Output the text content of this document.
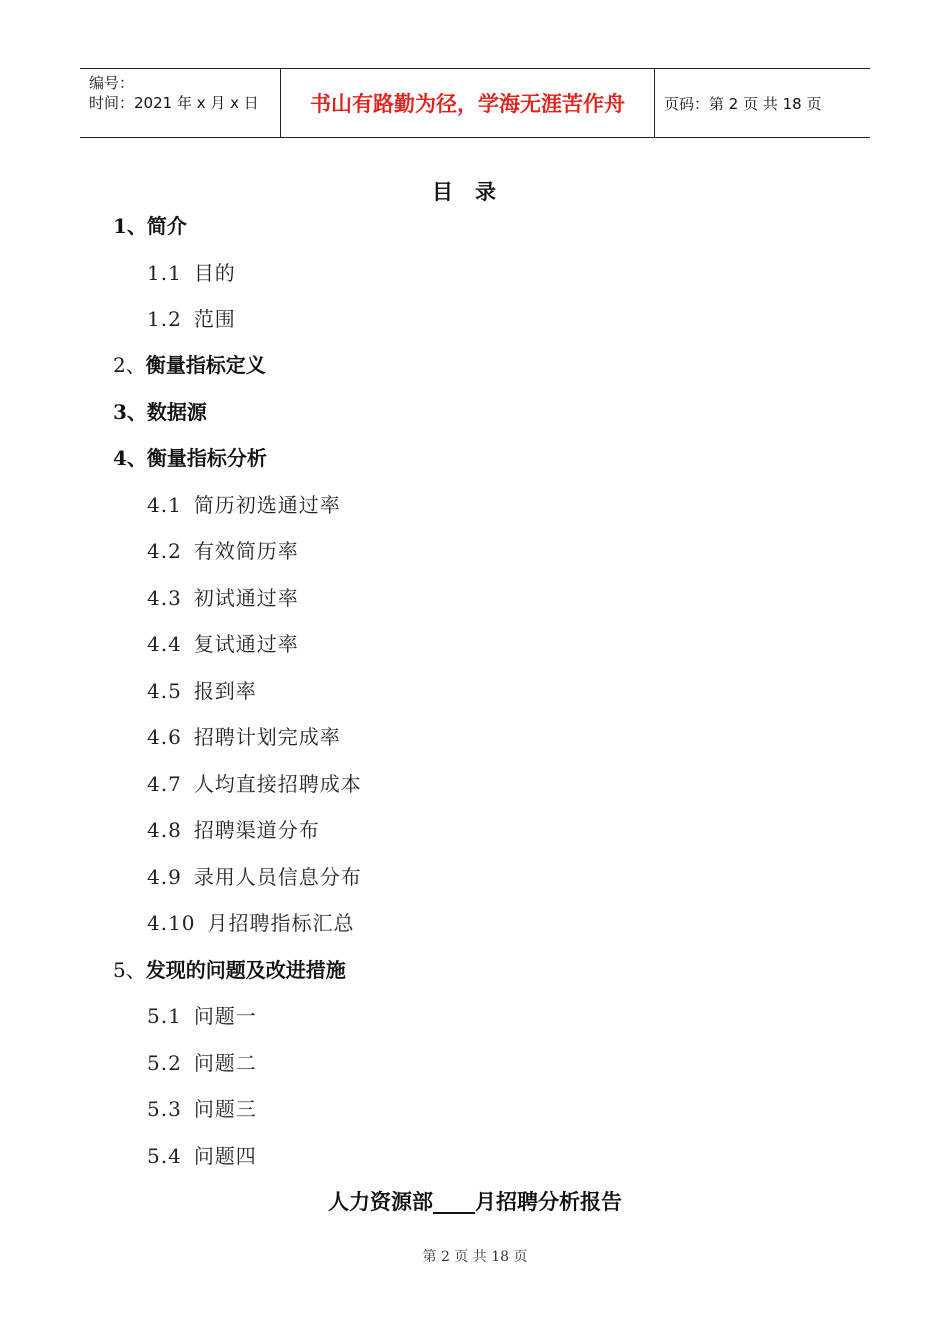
编号：
时间：2021 年 x 月 x 日	书山有路勤为径，学海无涯苦作舟	页码：第 2 页 共 18 页
目录
1、简介
1.1 目的
1.2 范围
2、衡量指标定义
3、数据源
4、衡量指标分析
4.1 简历初选通过率
4.2 有效简历率
4.3 初试通过率
4.4 复试通过率
4.5 报到率
4.6 招聘计划完成率
4.7 人均直接招聘成本
4.8 招聘渠道分布
4.9 录用人员信息分布
4.10 月招聘指标汇总
5、发现的问题及改进措施
5.1 问题一
5.2 问题二
5.3 问题三
5.4 问题四
人力资源部____月招聘分析报告
第 2 页 共 18 页
